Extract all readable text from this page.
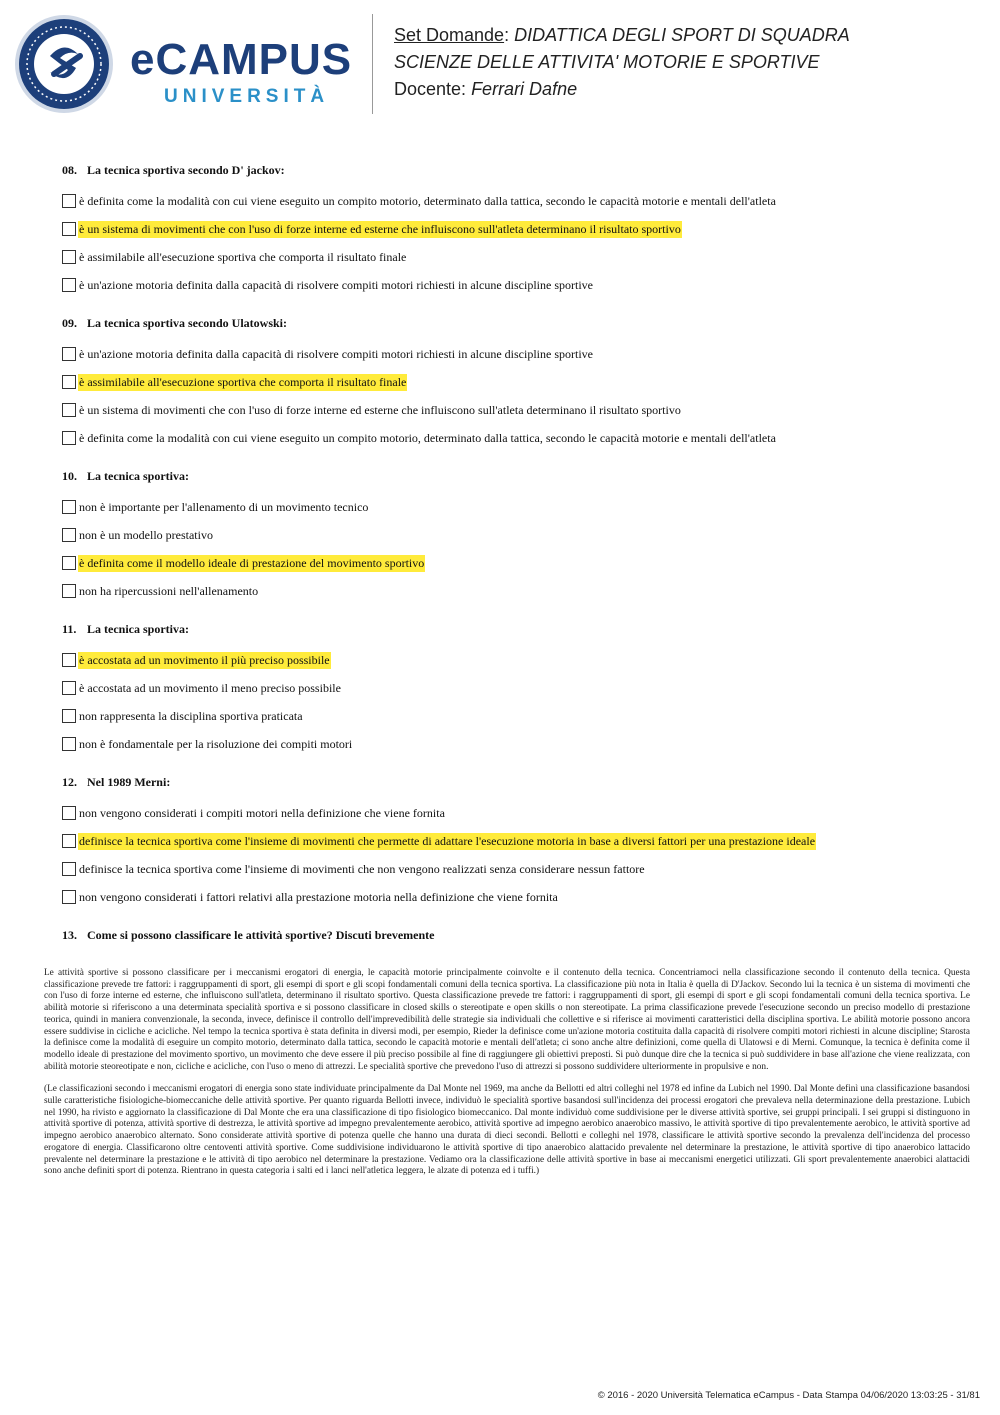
eCAMPUS
UNIVERSITÀ
Set Domande: DIDATTICA DEGLI SPORT DI SQUADRA
SCIENZE DELLE ATTIVITA' MOTORIE E SPORTIVE
Docente: Ferrari Dafne
08. La tecnica sportiva secondo D' jackov:
è definita come la modalità con cui viene eseguito un compito motorio, determinato dalla tattica, secondo le capacità motorie e mentali dell'atleta
è un sistema di movimenti che con l'uso di forze interne ed esterne che influiscono sull'atleta determinano il risultato sportivo
è assimilabile all'esecuzione sportiva che comporta il risultato finale
è un'azione motoria definita dalla capacità di risolvere compiti motori richiesti in alcune discipline sportive
09. La tecnica sportiva secondo Ulatowski:
è un'azione motoria definita dalla capacità di risolvere compiti motori richiesti in alcune discipline sportive
è assimilabile all'esecuzione sportiva che comporta il risultato finale
è un sistema di movimenti che con l'uso di forze interne ed esterne che influiscono sull'atleta determinano il risultato sportivo
è definita come la modalità con cui viene eseguito un compito motorio, determinato dalla tattica, secondo le capacità motorie e mentali dell'atleta
10. La tecnica sportiva:
non è importante per l'allenamento di un movimento tecnico
non è un modello prestativo
è definita come il modello ideale di prestazione del movimento sportivo
non ha ripercussioni nell'allenamento
11. La tecnica sportiva:
è accostata ad un movimento il più preciso possibile
è accostata ad un movimento il meno preciso possibile
non rappresenta la disciplina sportiva praticata
non è fondamentale per la risoluzione dei compiti motori
12. Nel 1989 Merni:
non vengono considerati i compiti motori nella definizione che viene fornita
definisce la tecnica sportiva come l'insieme di movimenti che permette di adattare l'esecuzione motoria in base a diversi fattori per una prestazione ideale
definisce la tecnica sportiva come l'insieme di movimenti che non vengono realizzati senza considerare nessun fattore
non vengono considerati i fattori relativi alla prestazione motoria nella definizione che viene fornita
13. Come si possono classificare le attività sportive? Discuti brevemente

Le attività sportive si possono classificare per i meccanismi erogatori di energia, le capacità motorie principalmente coinvolte e il contenuto della tecnica. Concentriamoci nella classificazione secondo il contenuto della tecnica. Questa classificazione prevede tre fattori: i raggruppamenti di sport, gli esempi di sport e gli scopi fondamentali comuni della tecnica sportiva. La classificazione più nota in Italia è quella di D'Jackov. Secondo lui la tecnica è un sistema di movimenti che con l'uso di forze interne ed esterne, che influiscono sull'atleta, determinano il risultato sportivo. Questa classificazione prevede tre fattori: i raggruppamenti di sport, gli esempi di sport e gli scopi fondamentali comuni della tecnica sportiva. Le abilità motorie si riferiscono a una determinata specialità sportiva e si possono classificare in closed skills o stereotipate e open skills o non stereotipate. La prima classificazione prevede l'esecuzione secondo un preciso modello di prestazione teorica, quindi in maniera convenzionale, la seconda, invece, definisce il controllo dell'imprevedibilità delle strategie sia individuali che collettive e si riferisce ai movimenti caratteristici della disciplina sportiva. Le abilità motorie possono ancora essere suddivise in cicliche e acicliche. Nel tempo la tecnica sportiva è stata definita in diversi modi, per esempio, Rieder la definisce come un'azione motoria costituita dalla capacità di risolvere compiti motori richiesti in alcune discipline; Starosta la definisce come la modalità di eseguire un compito motorio, determinato dalla tattica, secondo le capacità motorie e mentali dell'atleta; ci sono anche altre definizioni, come quella di Ulatowsi e di Merni. Comunque, la tecnica è definita come il modello ideale di prestazione del movimento sportivo, un movimento che deve essere il più preciso possibile al fine di raggiungere gli obiettivi preposti. Si può dunque dire che la tecnica si può suddividere in base all'azione che viene realizzata, con abilità motorie steoreotipate e non, cicliche e acicliche, con l'uso o meno di attrezzi. Le specialità sportive che prevedono l'uso di attrezzi si possono suddividere ulteriormente in propulsive e non.

(Le classificazioni secondo i meccanismi erogatori di energia sono state individuate principalmente da Dal Monte nel 1969, ma anche da Bellotti ed altri colleghi nel 1978 ed infine da Lubich nel 1990. Dal Monte definì una classificazione basandosi sulle caratteristiche fisiologiche-biomeccaniche delle attività sportive. Per quanto riguarda Bellotti invece, individuò le specialità sportive basandosi sull'incidenza dei processi erogatori che prevaleva nella determinazione della prestazione. Lubich nel 1990, ha rivisto e aggiornato la classificazione di Dal Monte che era una classificazione di tipo fisiologico biomeccanico. Dal monte individuò come suddivisione per le diverse attività sportive, sei gruppi principali. I sei gruppi si distinguono in attività sportive di potenza, attività sportive di destrezza, le attività sportive ad impegno prevalentemente aerobico, attività sportive ad impegno aerobico anaerobico massivo, le attività sportive di tipo prevalentemente aerobico, le attività sportive ad impegno aerobico anaerobico alternato. Sono considerate attività sportive di potenza quelle che hanno una durata di dieci secondi. Bellotti e colleghi nel 1978, classificare le attività sportive secondo la prevalenza dell'incidenza del processo erogatore di energia. Classificarono oltre centoventi attività sportive. Come suddivisione individuarono le attività sportive di tipo anaerobico alattacido prevalente nel determinare la prestazione, le attività sportive di tipo anaerobico lattacido prevalente nel determinare la prestazione e le attività di tipo aerobico nel determinare la prestazione. Vediamo ora la classificazione delle attività sportive in base ai meccanismi energetici utilizzati. Gli sport prevalentemente anaerobici alattacidi sono anche definiti sport di potenza. Rientrano in questa categoria i salti ed i lanci nell'atletica leggera, le alzate di potenza ed i tuffi.)

© 2016 - 2020 Università Telematica eCampus - Data Stampa 04/06/2020 13:03:25 - 31/81
